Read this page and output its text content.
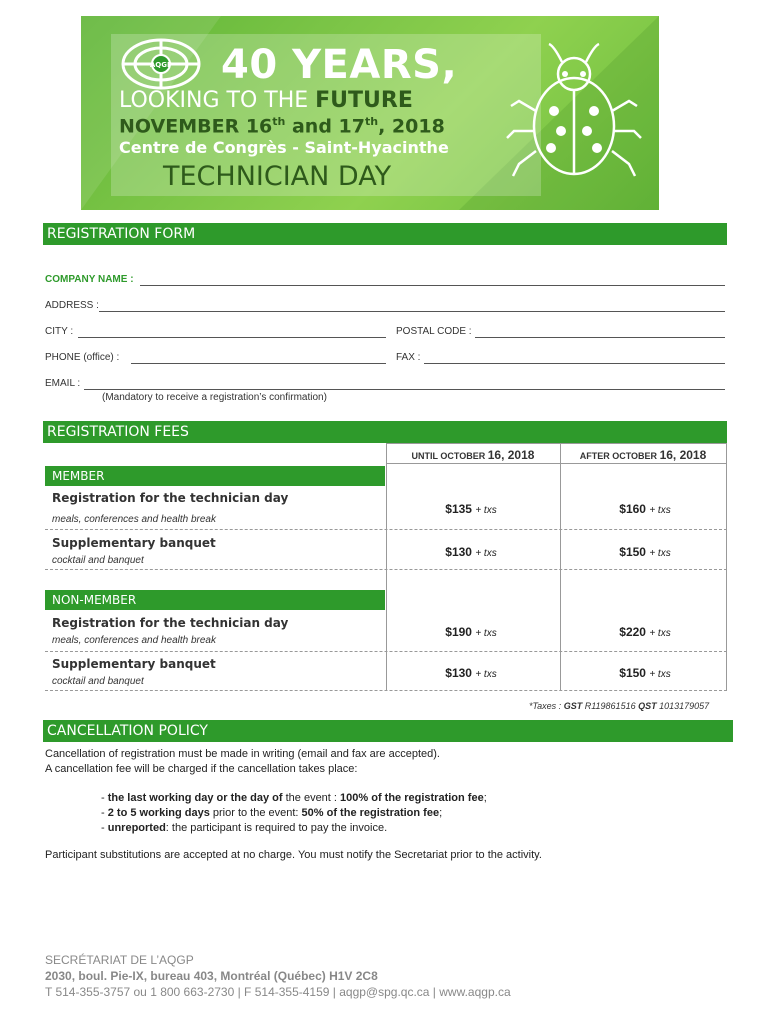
AQGP 40 YEARS,
LOOKING TO THE FUTURE
NOVEMBER 16th and 17th, 2018
Centre de Congrès - Saint-Hyacinthe
TECHNICIAN DAY
REGISTRATION FORM
COMPANY NAME :
ADDRESS :
CITY :	POSTAL CODE :
PHONE (office) :	FAX :
EMAIL :
(Mandatory to receive a registration’s confirmation)
REGISTRATION FEES
UNTIL OCTOBER 16, 2018	AFTER OCTOBER 16, 2018
MEMBER
Registration for the technician day
meals, conferences and health break
$135 + txs	$160 + txs
Supplementary banquet
cocktail and banquet
$130 + txs	$150 + txs
NON-MEMBER
Registration for the technician day
meals, conferences and health break
$190 + txs	$220 + txs
Supplementary banquet
cocktail and banquet
$130 + txs	$150 + txs
*Taxes : GST R119861516 QST 1013179057
CANCELLATION POLICY
Cancellation of registration must be made in writing (email and fax are accepted).
A cancellation fee will be charged if the cancellation takes place:
- the last working day or the day of the event : 100% of the registration fee;
- 2 to 5 working days prior to the event: 50% of the registration fee;
- unreported: the participant is required to pay the invoice.
Participant substitutions are accepted at no charge. You must notify the Secretariat prior to the activity.
SECRÉTARIAT DE L’AQGP
2030, boul. Pie-IX, bureau 403, Montréal (Québec) H1V 2C8
T 514-355-3757 ou 1 800 663-2730 | F 514-355-4159 | aqgp@spg.qc.ca | www.aqgp.ca
